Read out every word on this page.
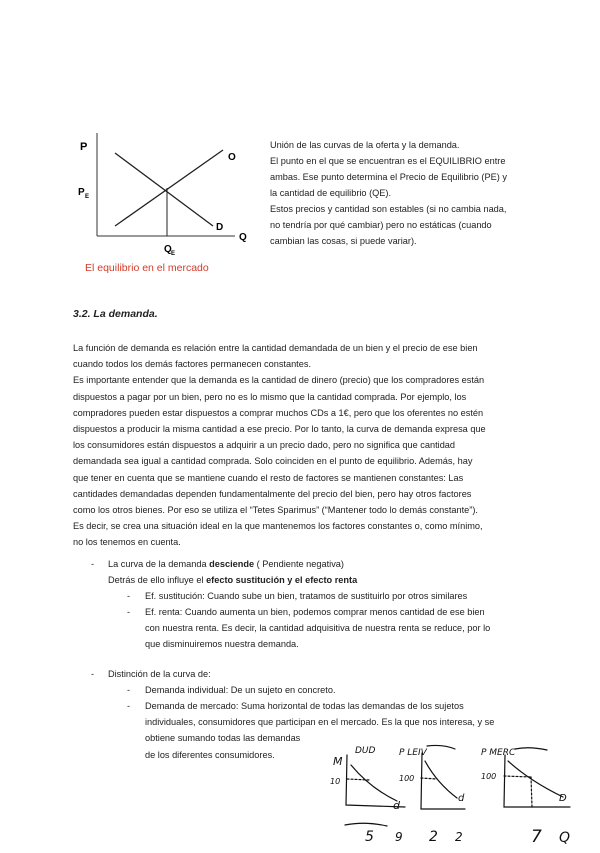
P
Q
P E
Q E
O
D
El equilibrio en el mercado
Unión de las curvas de la oferta y la demanda.
El punto en el que se encuentran es el EQUILIBRIO entre
ambas. Ese punto determina el Precio de Equilibrio (PE) y
la cantidad de equilibrio (QE).
Estos precios y cantidad son estables (si no cambia nada,
no tendría por qué cambiar) pero no estáticas (cuando
cambian las cosas, si puede variar).
3.2. La demanda.
La función de demanda es relación entre la cantidad demandada de un bien y el precio de ese bien
cuando todos los demás factores permanecen constantes.
Es importante entender que la demanda es la cantidad de dinero (precio) que los compradores están
dispuestos a pagar por un bien, pero no es lo mismo que la cantidad comprada. Por ejemplo, los
compradores pueden estar dispuestos a comprar muchos CDs a 1€, pero que los oferentes no estén
dispuestos a producir la misma cantidad a ese precio. Por lo tanto, la curva de demanda expresa que
los consumidores están dispuestos a adquirir a un precio dado, pero no significa que cantidad
demandada sea igual a cantidad comprada. Solo coinciden en el punto de equilibrio. Además, hay
que tener en cuenta que se mantiene cuando el resto de factores se mantienen constantes: Las
cantidades demandadas dependen fundamentalmente del precio del bien, pero hay otros factores
como los otros bienes. Por eso se utiliza el “Tetes Sparimus” (“Mantener todo lo demás constante”).
Es decir, se crea una situación ideal en la que mantenemos los factores constantes o, como mínimo,
no los tenemos en cuenta.
- La curva de la demanda desciende ( Pendiente negativa)
Detrás de ello influye el efecto sustitución y el efecto renta
- Ef. sustitución: Cuando sube un bien, tratamos de sustituirlo por otros similares
- Ef. renta: Cuando aumenta un bien, podemos comprar menos cantidad de ese bien
con nuestra renta. Es decir, la cantidad adquisitiva de nuestra renta se reduce, por lo
que disminuiremos nuestra demanda.
- Distinción de la curva de:
- Demanda individual: De un sujeto en concreto.
- Demanda de mercado: Suma horizontal de todas las demandas de los sujetos
individuales, consumidores que participan en el mercado. Es la que nos interesa, y se
obtiene sumando todas las demandas
de los diferentes consumidores.	DUD
M
10
d
5 9
P LEIV
100
d
2 2
P MERC
100
D
7 Q
